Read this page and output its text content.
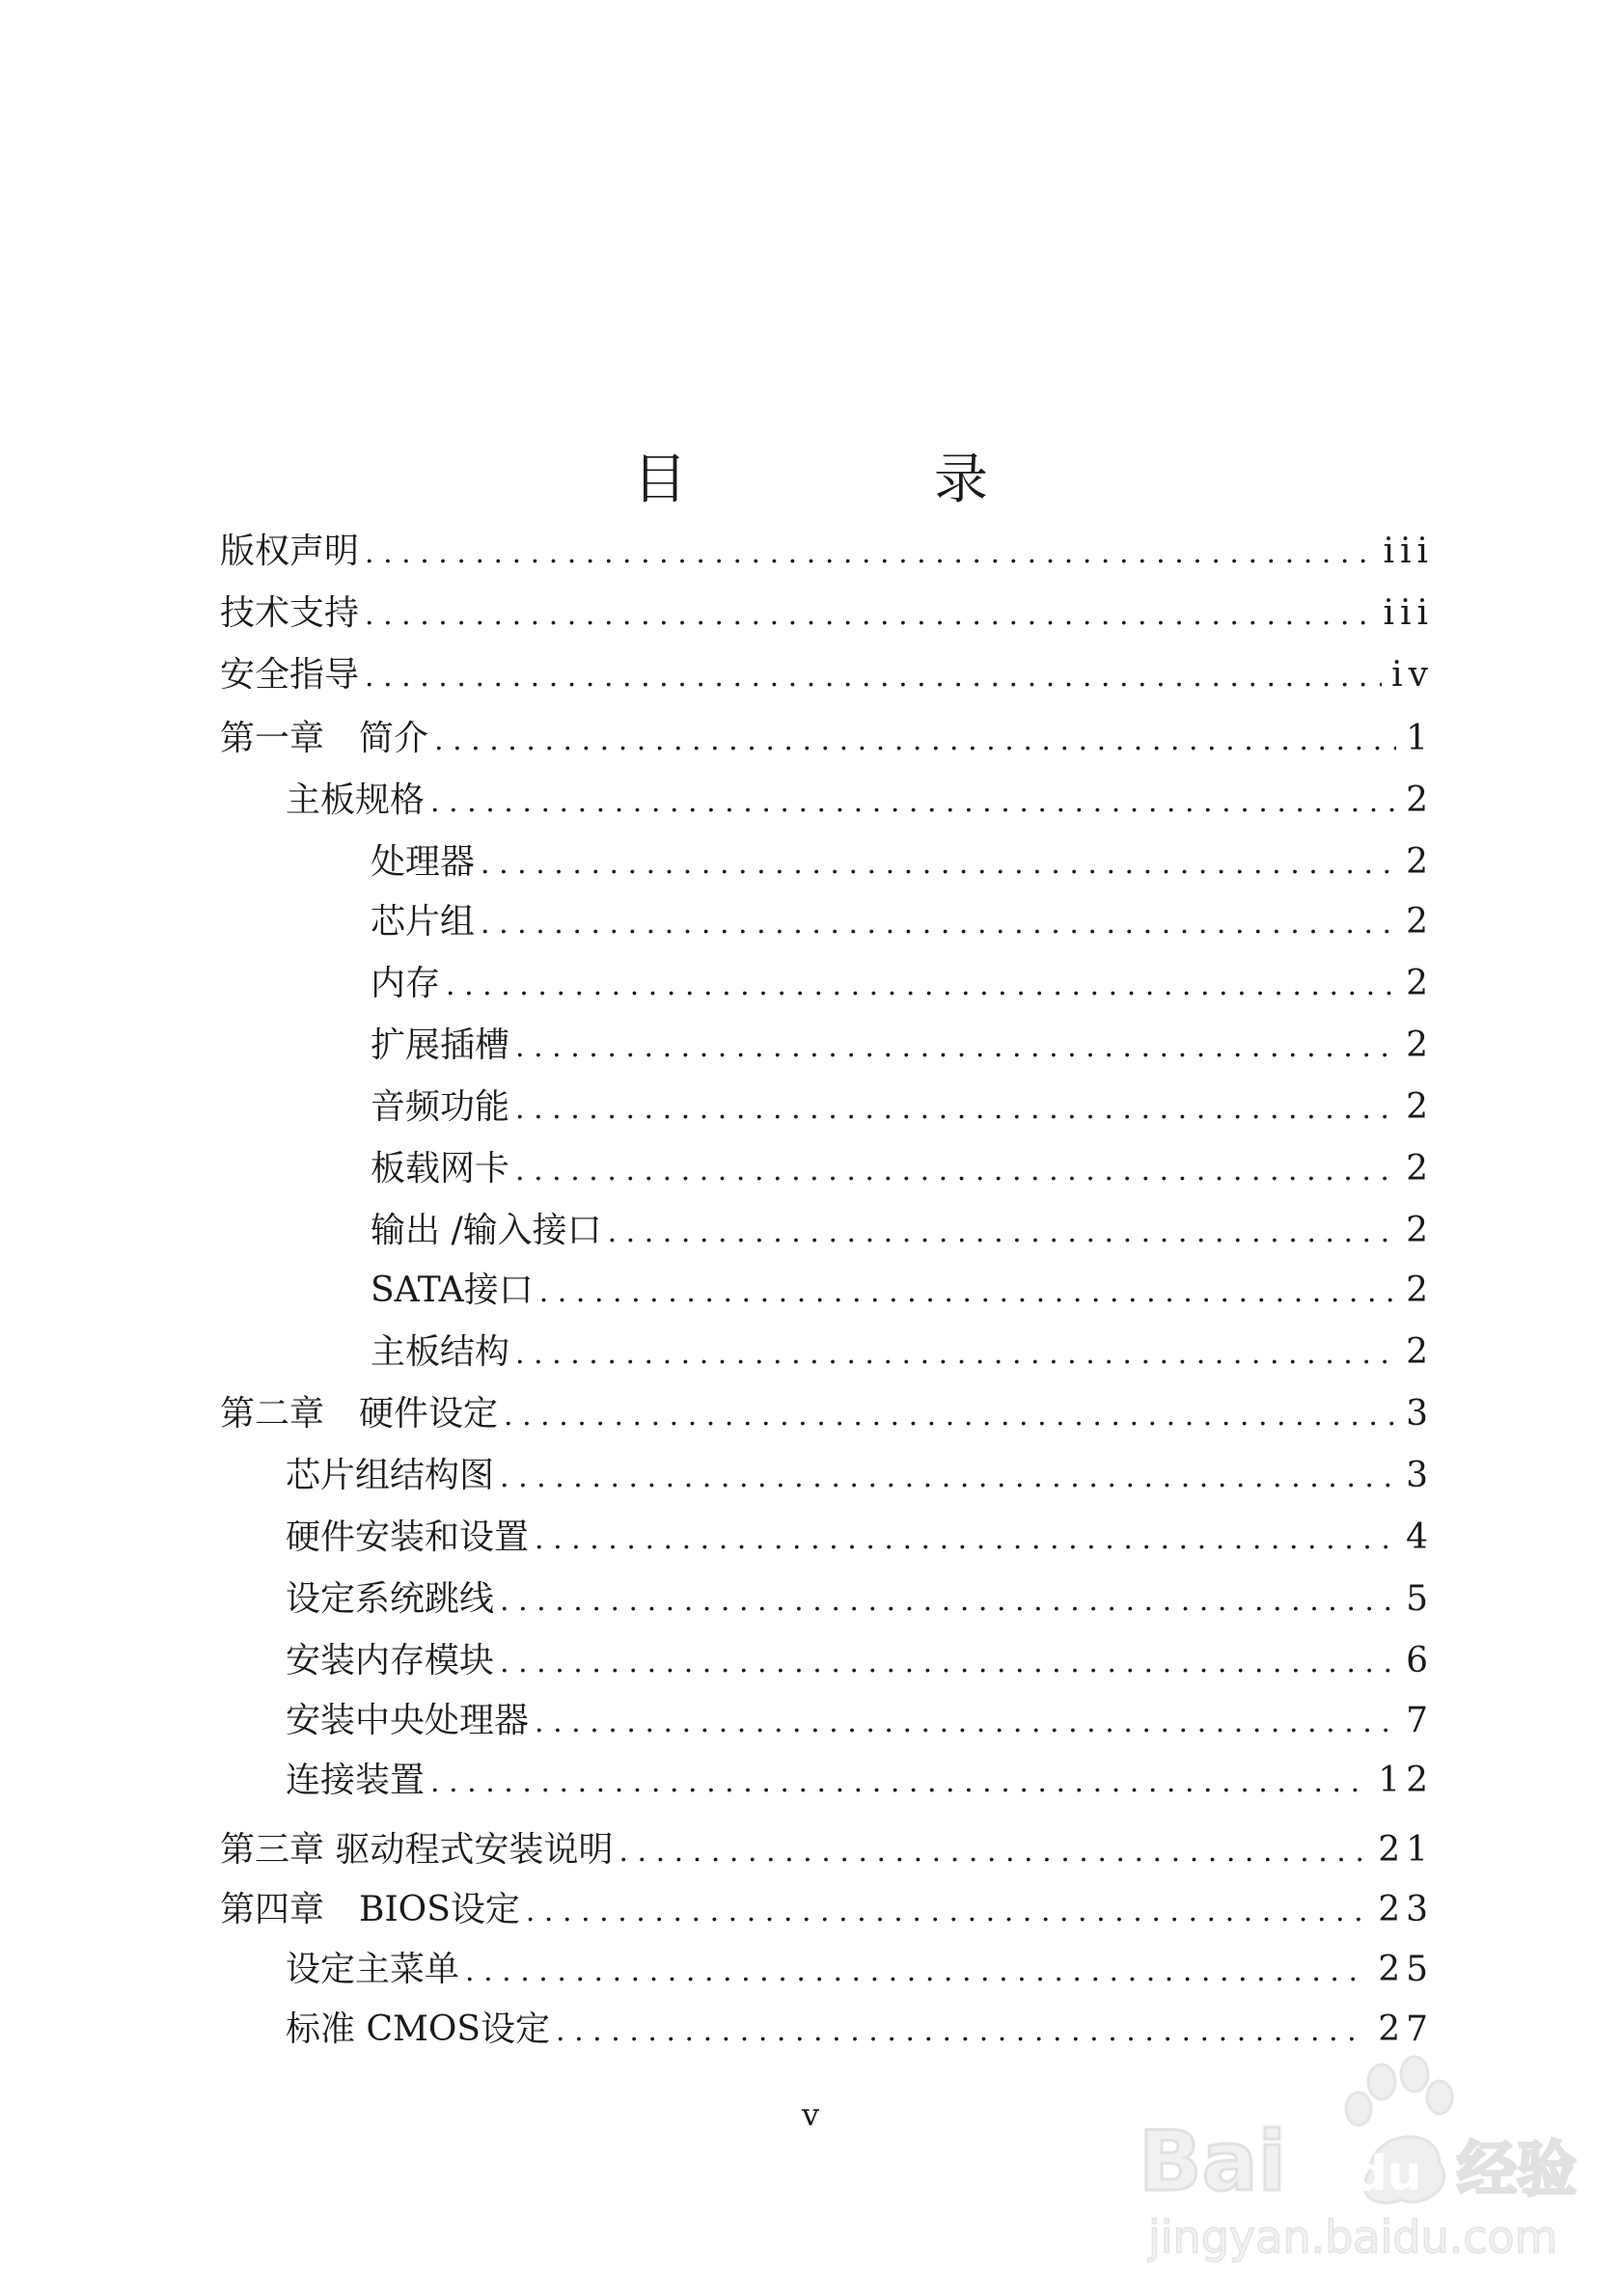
目　录
版权声明 . . .	iii
技术支持 . . .	iii
安全指导 . . .	iv
第一章　简介 . . .	1
主板规格 . . .	2
处理器 . . .	2
芯片组 . . .	2
内存 . . .	2
扩展插槽 . . .	2
音频功能 . . .	2
板载网卡 . . .	2
输出 /输入接口 . . .	2
SATA接口 . . .	2
主板结构 . . .	2
第二章　硬件设定 . . .	3
芯片组结构图 . . .	3
硬件安装和设置 . . .	4
设定系统跳线 . . .	5
安装内存模块 . . .	6
安装中央处理器 . . .	7
连接装置 . . .	12
第三章 驱动程式安装说明 . . .	21
第四章　BIOS设定 . . .	23
设定主菜单 . . .	25
标准 CMOS设定 . . .	27
v	Bai	经验
du
jingyan.baidu.com
